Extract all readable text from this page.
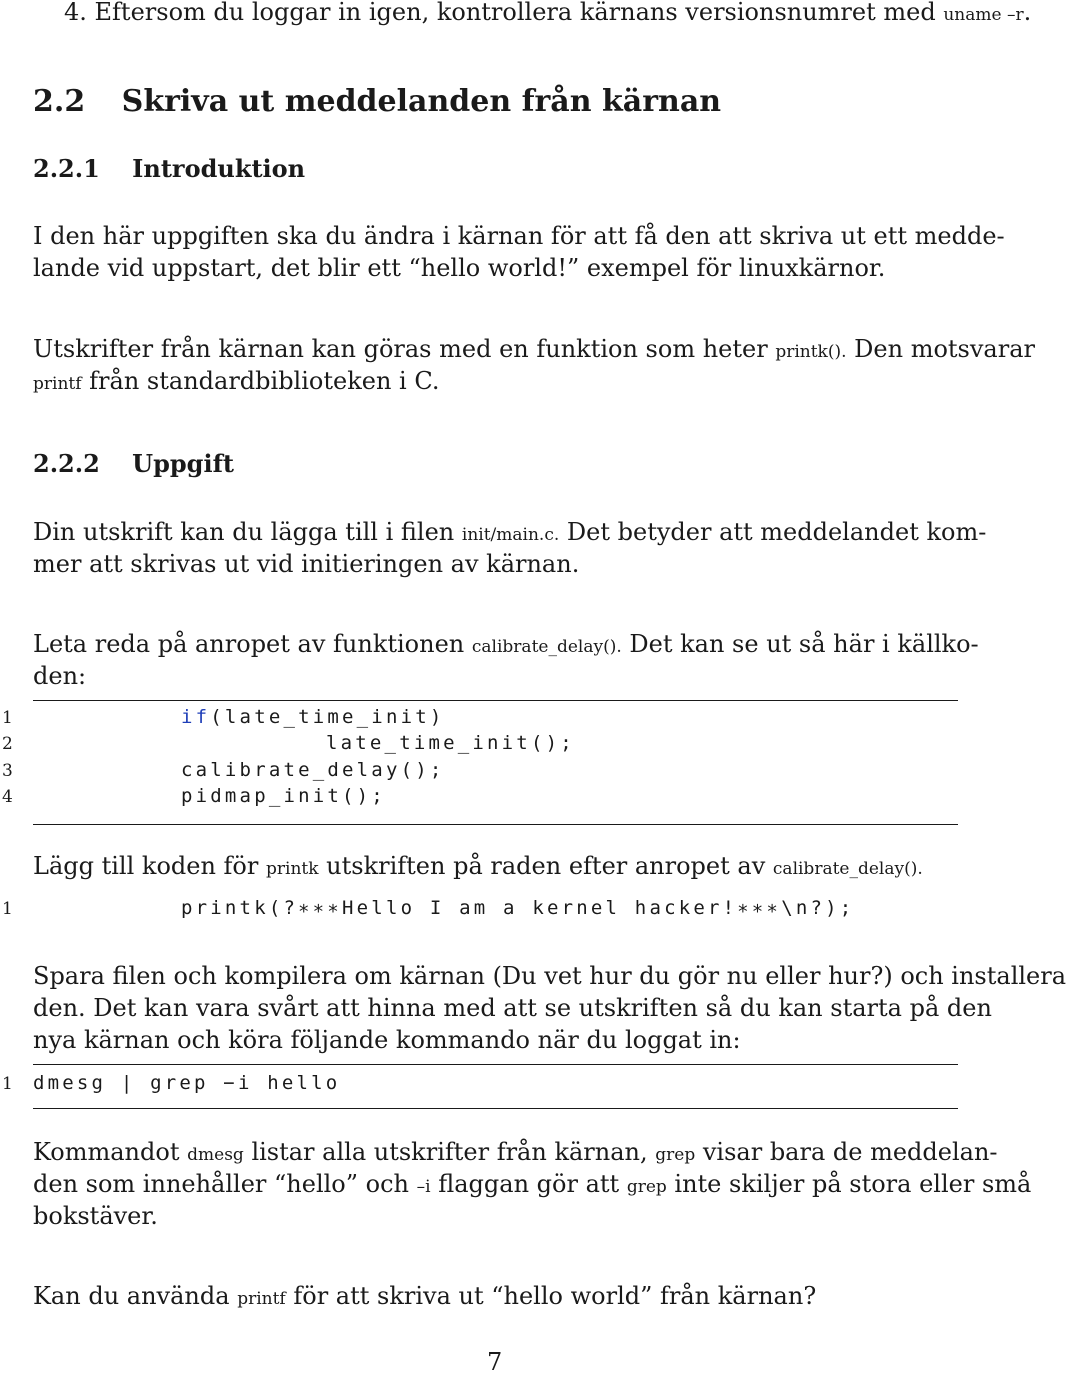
4. Eftersom du loggar in igen, kontrollera kärnans versionsnumret med uname –r.
2.2 Skriva ut meddelanden från kärnan
2.2.1 Introduktion
I den här uppgiften ska du ändra i kärnan för att få den att skriva ut ett medde-
lande vid uppstart, det blir ett “hello world!” exempel för linuxkärnor.
Utskrifter från kärnan kan göras med en funktion som heter printk(). Den motsvarar
printf från standardbiblioteken i C.
2.2.2 Uppgift
Din utskrift kan du lägga till i filen init/main.c. Det betyder att meddelandet kom-
mer att skrivas ut vid initieringen av kärnan.
Leta reda på anropet av funktionen calibrate_delay(). Det kan se ut så här i källko-
den:
1	if(late_time_init)
2	late_time_init();
3	calibrate_delay();
4	pidmap_init();
Lägg till koden för printk utskriften på raden efter anropet av calibrate_delay().
1	printk(?∗∗∗Hello I am a kernel hacker!∗∗∗\n?);
Spara filen och kompilera om kärnan (Du vet hur du gör nu eller hur?) och installera
den. Det kan vara svårt att hinna med att se utskriften så du kan starta på den
nya kärnan och köra följande kommando när du loggat in:
1 dmesg | grep −i hello
Kommandot dmesg listar alla utskrifter från kärnan, grep visar bara de meddelan-
den som innehåller “hello” och –i flaggan gör att grep inte skiljer på stora eller små
bokstäver.
Kan du använda printf för att skriva ut “hello world” från kärnan?
7
